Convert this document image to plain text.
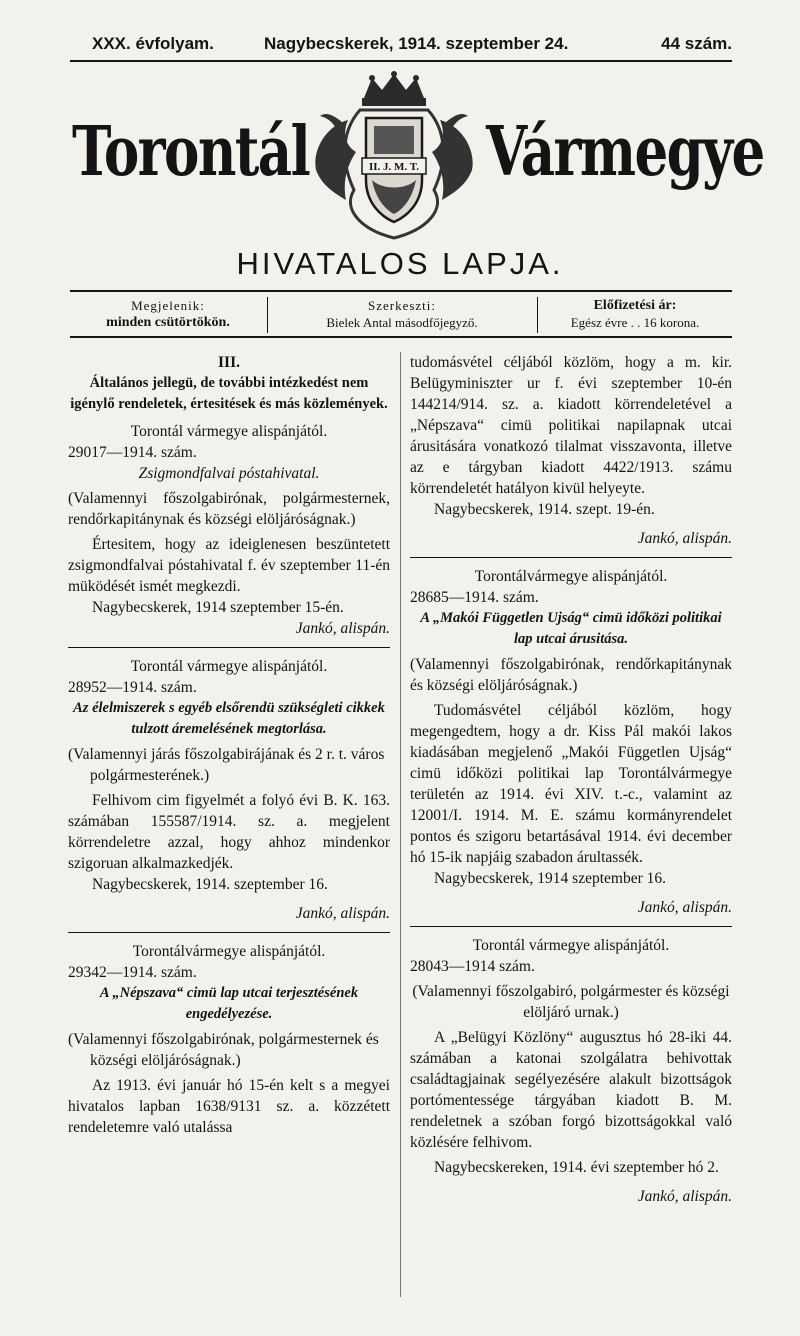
XXX. évfolyam.	Nagybecskerek, 1914. szeptember 24.	44 szám.
Torontál	Vármegye
II. J. M. T.
HIVATALOS LAPJA.
Megjelenik:
minden csütörtökön.
Szerkeszti:
Bielek Antal másodfőjegyző.
Előfizetési ár:
Egész évre . . 16 korona.

III.

Általános jellegü, de további intézkedést nem igénylő rendeletek, értesitések és más közlemények.

Torontál vármegye alispánjától.

29017—1914. szám.

Zsigmondfalvai póstahivatal.

(Valamennyi főszolgabirónak, polgármesternek, rendőrkapitánynak és községi elöljáróságnak.)

Értesitem, hogy az ideiglenesen beszüntetett zsigmondfalvai póstahivatal f. év szeptember 11-én müködését ismét megkezdi.

Nagybecskerek, 1914 szeptember 15-én.

Jankó, alispán.

Torontál vármegye alispánjától.

28952—1914. szám.

Az élelmiszerek s egyéb elsőrendü szükségleti cikkek tulzott áremelésének megtorlása.

(Valamennyi járás főszolgabirájának és 2 r. t. város polgármesterének.)

Felhivom cim figyelmét a folyó évi B. K. 163. számában 155587/1914. sz. a. megjelent körrendeletre azzal, hogy ahhoz mindenkor szigoruan alkalmazkedjék.

Nagybecskerek, 1914. szeptember 16.

Jankó, alispán.

Torontálvármegye alispánjától.

29342—1914. szám.

A „Népszava“ cimü lap utcai terjesztésének engedélyezése.

(Valamennyi főszolgabirónak, polgármesternek és községi elöljáróságnak.)

Az 1913. évi január hó 15-én kelt s a megyei hivatalos lapban 1638/9131 sz. a. közzétett rendeletemre való utalássa

tudomásvétel céljából közlöm, hogy a m. kir. Belügyminiszter ur f. évi szeptember 10-én 144214/914. sz. a. kiadott körrendeletével a „Népszava“ cimü politikai napilapnak utcai árusitására vonatkozó tilalmat visszavonta, illetve az e tárgyban kiadott 4422/1913. számu körrendeletét hatályon kivül helyeyte.

Nagybecskerek, 1914. szept. 19-én.

Jankó, alispán.

Torontálvármegye alispánjától.

28685—1914. szám.

A „Makói Független Ujság“ cimü időközi politikai lap utcai árusitása.

(Valamennyi főszolgabirónak, rendőrkapitánynak és községi elöljáróságnak.)

Tudomásvétel céljából közlöm, hogy megengedtem, hogy a dr. Kiss Pál makói lakos kiadásában megjelenő „Makói Független Ujság“ cimü időközi politikai lap Torontálvármegye területén az 1914. évi XIV. t.-c., valamint az 12001/I. 1914. M. E. számu kormányrendelet pontos és szigoru betartásával 1914. évi december hó 15-ik napjáig szabadon árultassék.

Nagybecskerek, 1914 szeptember 16.

Jankó, alispán.

Torontál vármegye alispánjától.

28043—1914 szám.

(Valamennyi főszolgabiró, polgármester és községi elöljáró urnak.)

A „Belügyi Közlöny“ augusztus hó 28-iki 44. számában a katonai szolgálatra behivottak családtagjainak segélyezésére alakult bizottságok portómentessége tárgyában kiadott B. M. rendeletnek a szóban forgó bizottságokkal való közlésére felhivom.

Nagybecskereken, 1914. évi szeptember hó 2.

Jankó, alispán.
